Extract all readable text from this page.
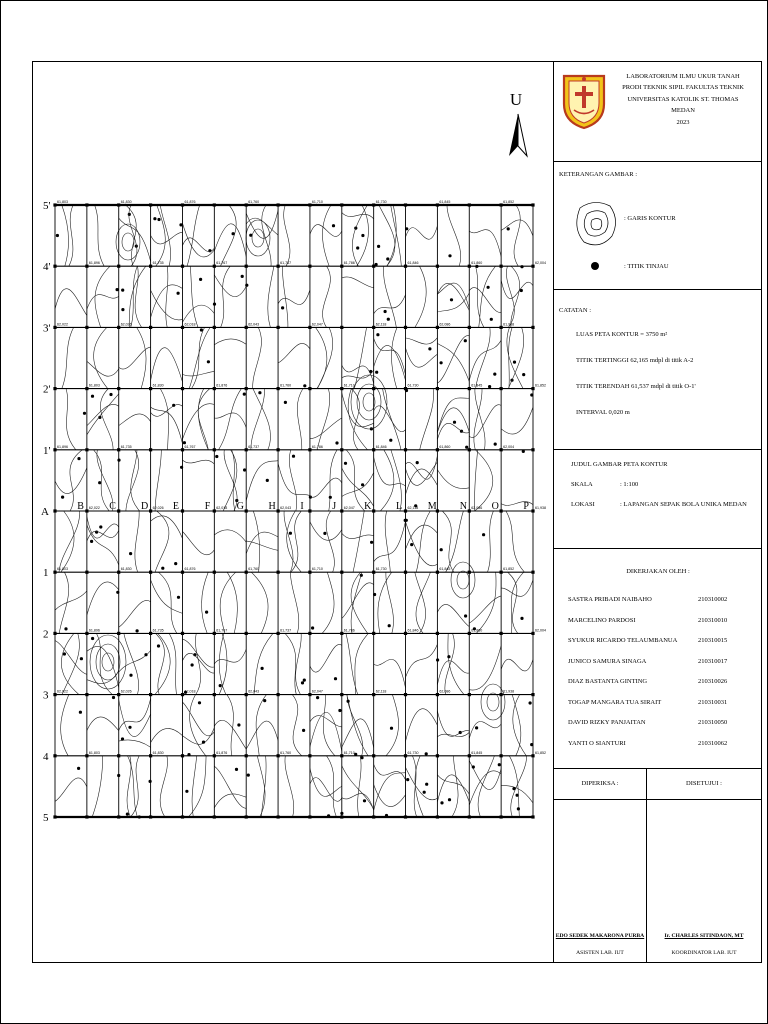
61,803	61,830	61,876	61,760	61,710	61,730	61,845	61,852
61,896	61,735	61,767	61,737	61,786	61,846	61,860	62,004
62,022	62,026	62,018	62,043	62,047	62,118	62,086	61,938
61,803	61,830	61,876	61,760	61,710	61,730	61,845	61,852
61,896	61,735	61,767	61,737	61,786	61,846	61,860	62,004
62,022	62,026	62,018	62,043	62,047	62,118	62,086	61,938
61,803	61,830	61,876	61,760	61,710	61,730	61,845	61,852
61,896	61,735	61,767	61,737	61,786	61,846	61,860	62,004
62,022	62,026	62,018	62,043	62,047	62,118	62,086	61,938
61,803	61,830	61,876	61,760	61,710	61,730	61,845	61,852
5'
4'
3'
2'
1'
1
2
3
4
5
A	B	C	D E	F	G H I	J	K L	M N O P
U
LABORATORIUM ILMU UKUR TANAH
PRODI TEKNIK SIPIL FAKULTAS TEKNIK
UNIVERSITAS KATOLIK ST. THOMAS
MEDAN
2023
KETERANGAN GAMBAR :
: GARIS KONTUR
: TITIK TINJAU
CATATAN :
LUAS PETA KONTUR = 3750 m²
TITIK TERTINGGI 62,165 mdpl di titik A-2
TITIK TERENDAH 61,537 mdpl di titik O-1'
INTERVAL 0,020 m
JUDUL GAMBAR
: PETA KONTUR
SKALA	: 1:100
LOKASI	: LAPANGAN SEPAK BOLA UNIKA MEDAN
DIKERJAKAN OLEH :
SASTRA PRIBADI NAIBAHO	210310002
MARCELINO PARDOSI	210310010
SYUKUR RICARDO TELAUMBANUA	210310015
JUNICO SAMURA SINAGA	210310017
DIAZ BASTANTA GINTING	210310026
TOGAP MANGARA TUA SIRAIT	210310031
DAVID RIZKY PANJAITAN	210310050
YANTI O SIANTURI	210310062
DIPERIKSA :	DISETUJUI :
EDO SEDEK MAKARONA PURBA
ASISTEN LAB. IUT
Ir. CHARLES SITINDAON, MT
KOORDINATOR LAB. IUT
